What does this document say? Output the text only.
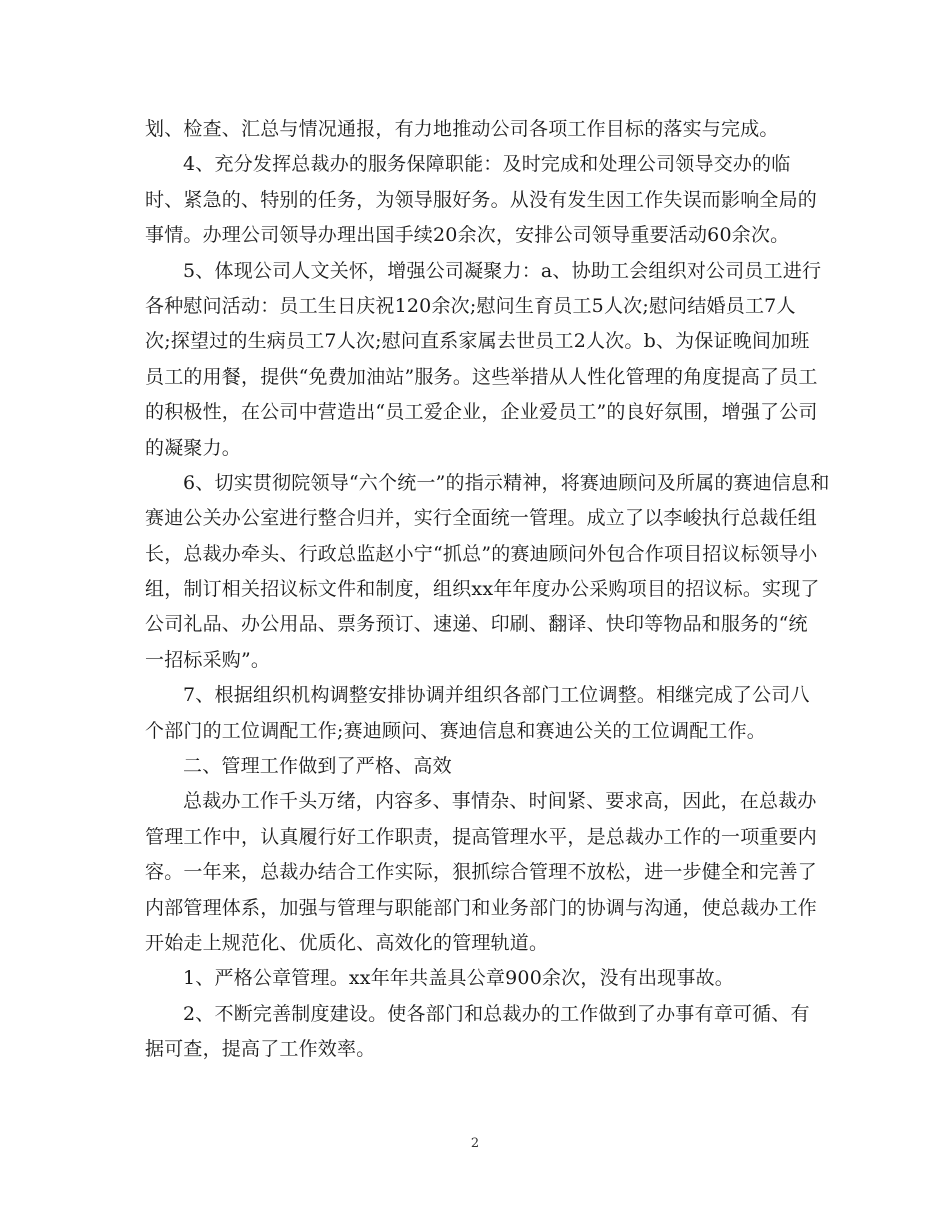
划、检查、汇总与情况通报，有力地推动公司各项工作目标的落实与完成。
4、充分发挥总裁办的服务保障职能：及时完成和处理公司领导交办的临
时、紧急的、特别的任务，为领导服好务。从没有发生因工作失误而影响全局的
事情。办理公司领导办理出国手续20余次，安排公司领导重要活动60余次。
5、体现公司人文关怀，增强公司凝聚力：a、协助工会组织对公司员工进行
各种慰问活动：员工生日庆祝120余次;慰问生育员工5人次;慰问结婚员工7人
次;探望过的生病员工7人次;慰问直系家属去世员工2人次。b、为保证晚间加班
员工的用餐，提供“免费加油站”服务。这些举措从人性化管理的角度提高了员工
的积极性，在公司中营造出“员工爱企业，企业爱员工”的良好氛围，增强了公司
的凝聚力。
6、切实贯彻院领导“六个统一”的指示精神，将赛迪顾问及所属的赛迪信息和
赛迪公关办公室进行整合归并，实行全面统一管理。成立了以李峻执行总裁任组
长，总裁办牵头、行政总监赵小宁“抓总”的赛迪顾问外包合作项目招议标领导小
组，制订相关招议标文件和制度，组织xx年年度办公采购项目的招议标。实现了
公司礼品、办公用品、票务预订、速递、印刷、翻译、快印等物品和服务的“统
一招标采购”。
7、根据组织机构调整安排协调并组织各部门工位调整。相继完成了公司八
个部门的工位调配工作;赛迪顾问、赛迪信息和赛迪公关的工位调配工作。
二、管理工作做到了严格、高效
总裁办工作千头万绪，内容多、事情杂、时间紧、要求高，因此，在总裁办
管理工作中，认真履行好工作职责，提高管理水平，是总裁办工作的一项重要内
容。一年来，总裁办结合工作实际，狠抓综合管理不放松，进一步健全和完善了
内部管理体系，加强与管理与职能部门和业务部门的协调与沟通，使总裁办工作
开始走上规范化、优质化、高效化的管理轨道。
1、严格公章管理。xx年年共盖具公章900余次，没有出现事故。
2、不断完善制度建设。使各部门和总裁办的工作做到了办事有章可循、有
据可查，提高了工作效率。
2
